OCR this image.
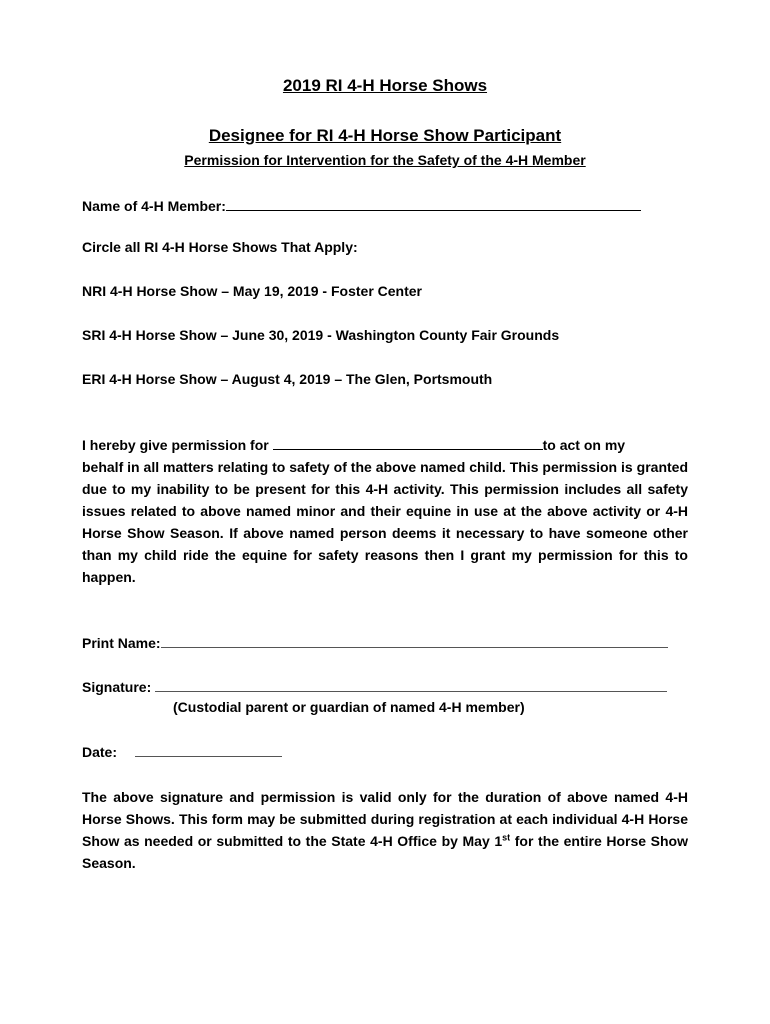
2019 RI 4-H Horse Shows
Designee for RI 4-H Horse Show Participant
Permission for Intervention for the Safety of the 4-H Member
Name of 4-H Member:
Circle all RI 4-H Horse Shows That Apply:
NRI 4-H Horse Show – May 19, 2019 - Foster Center
SRI 4-H Horse Show – June 30, 2019 - Washington County Fair Grounds
ERI 4-H Horse Show – August 4, 2019 – The Glen, Portsmouth
I hereby give permission for	to act on my
behalf in all matters relating to safety of the above named child. This permission is granted due to my inability to be present for this 4-H activity. This permission includes all safety issues related to above named minor and their equine in use at the above activity or 4-H Horse Show Season. If above named person deems it necessary to have someone other than my child ride the equine for safety reasons then I grant my permission for this to happen.
Print Name:
Signature:
(Custodial parent or guardian of named 4-H member)
Date:
The above signature and permission is valid only for the duration of above named 4-H Horse Shows. This form may be submitted during registration at each individual 4-H Horse Show as needed or submitted to the State 4-H Office by May 1st for the entire Horse Show Season.
